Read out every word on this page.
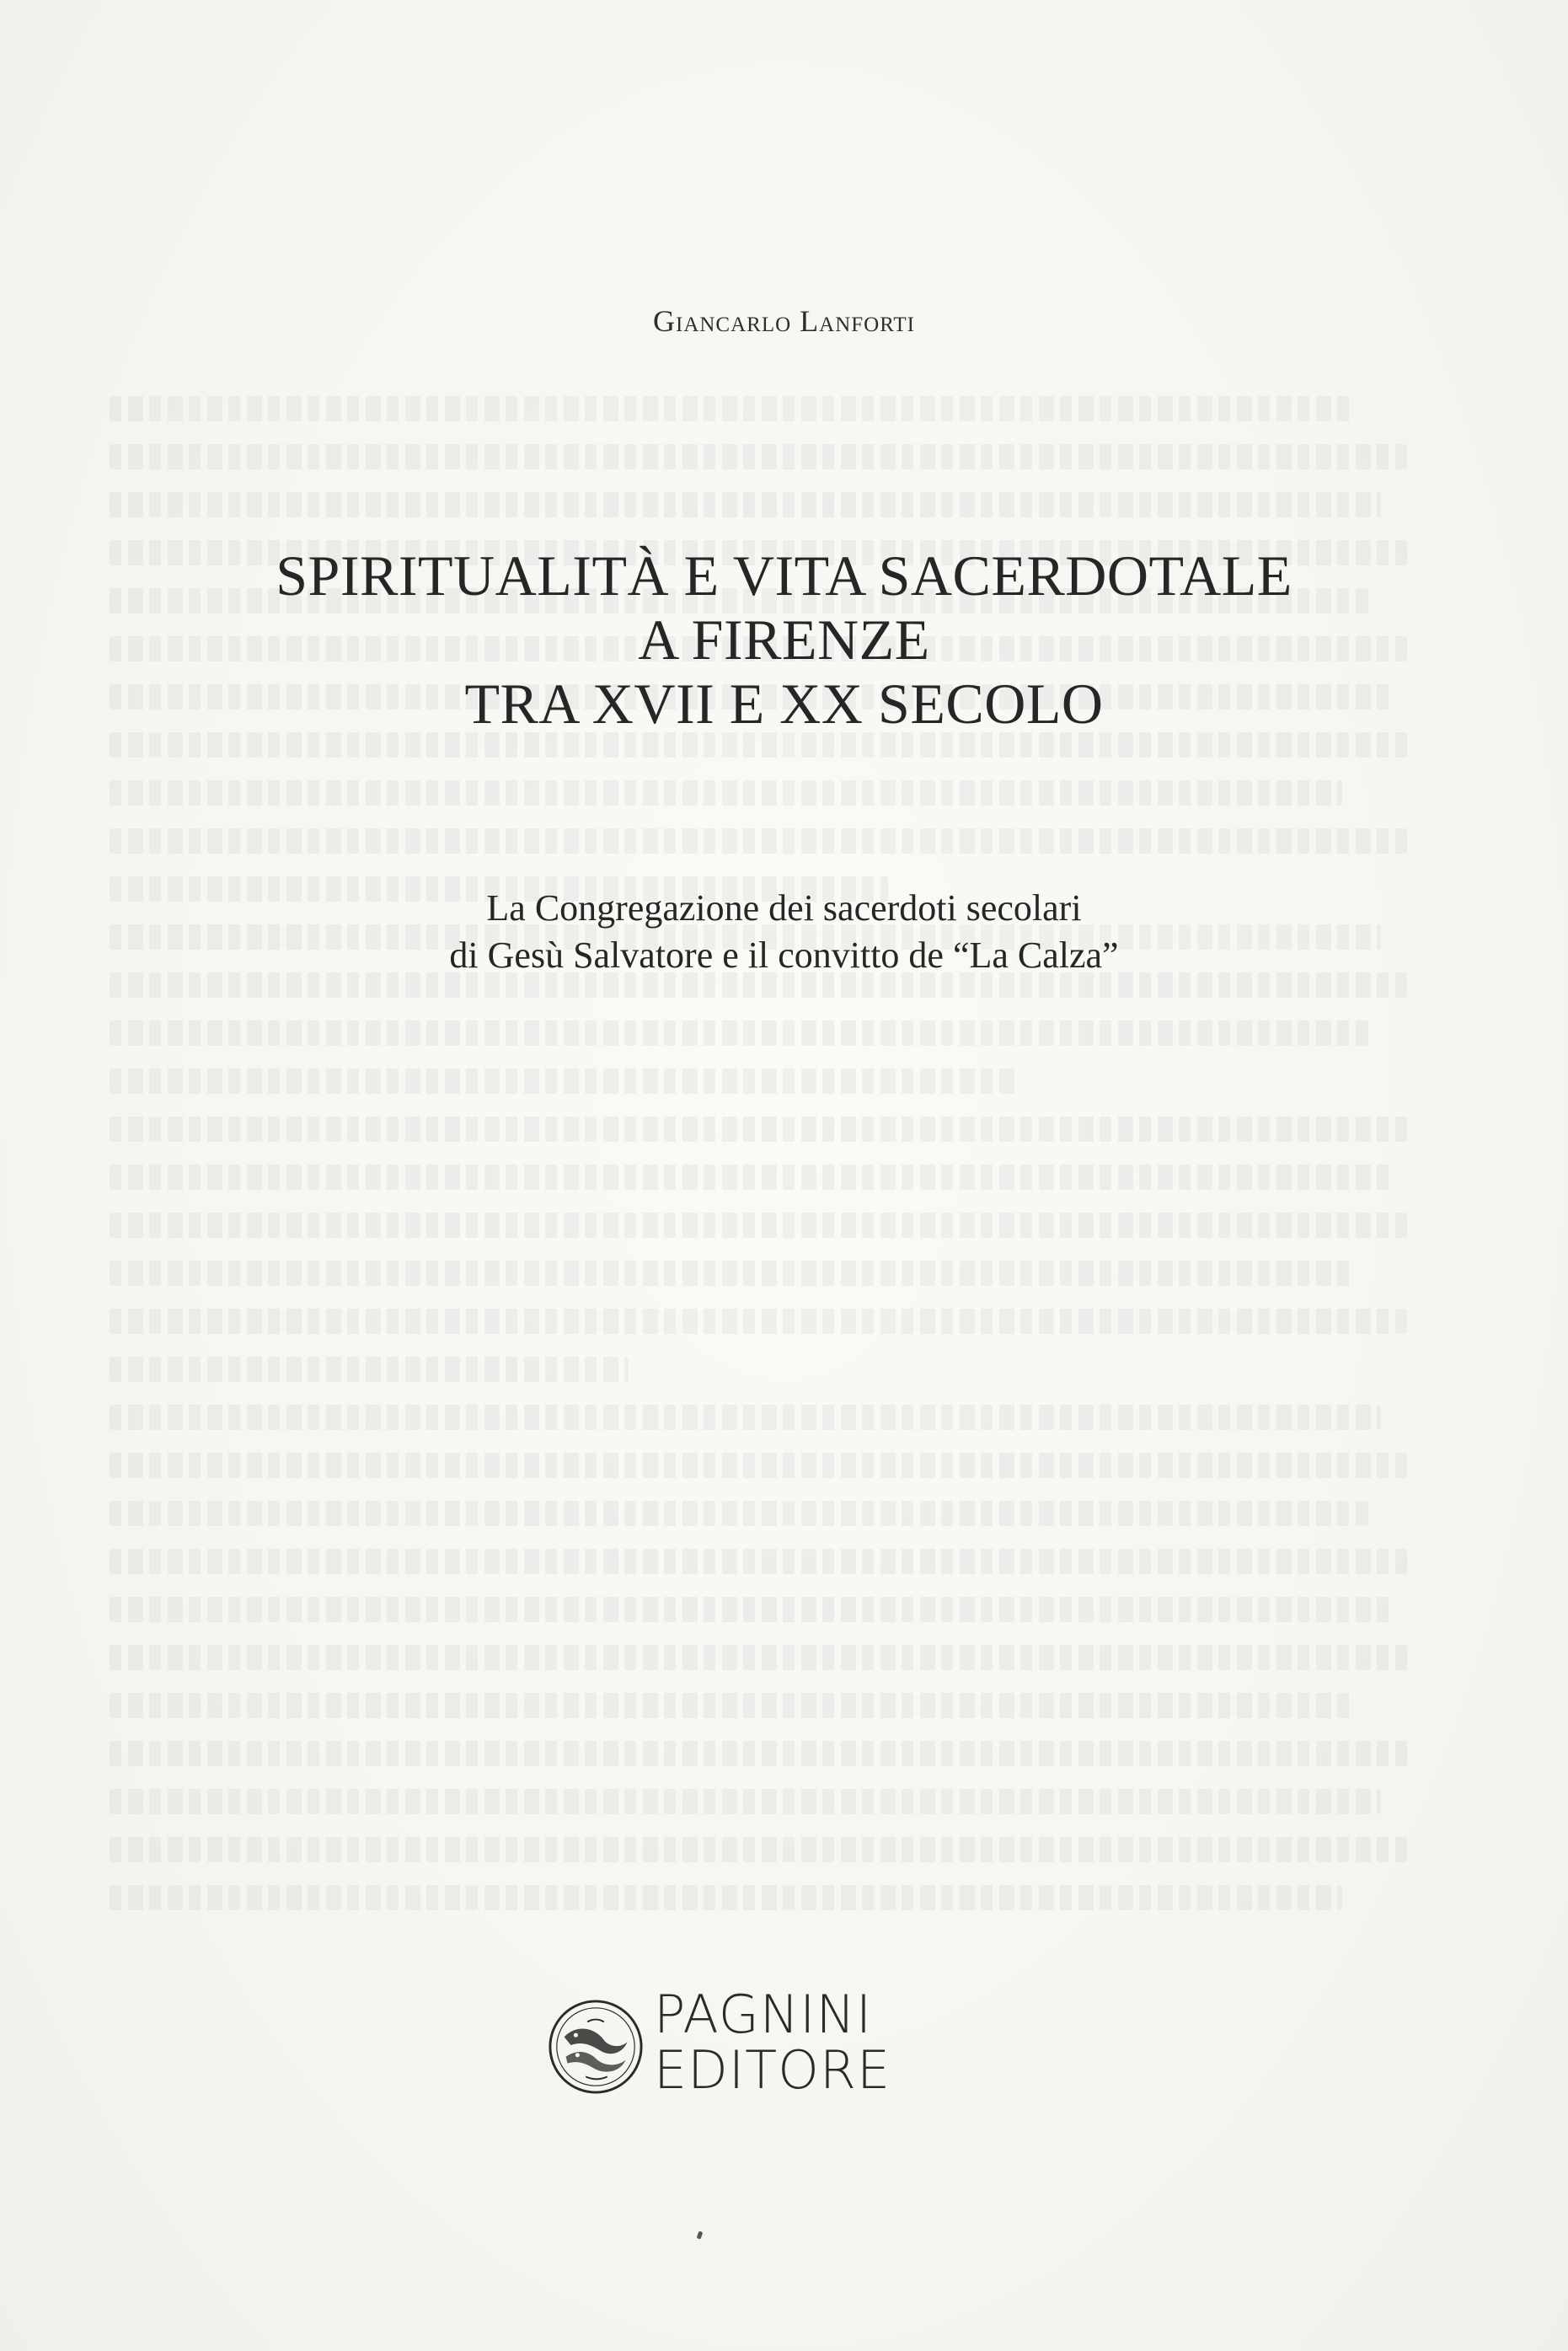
Giancarlo Lanforti
SPIRITUALITÀ E VITA SACERDOTALE
A FIRENZE
TRA XVII E XX SECOLO
La Congregazione dei sacerdoti secolari
di Gesù Salvatore e il convitto de “La Calza”
PAGNINI
EDITORE
